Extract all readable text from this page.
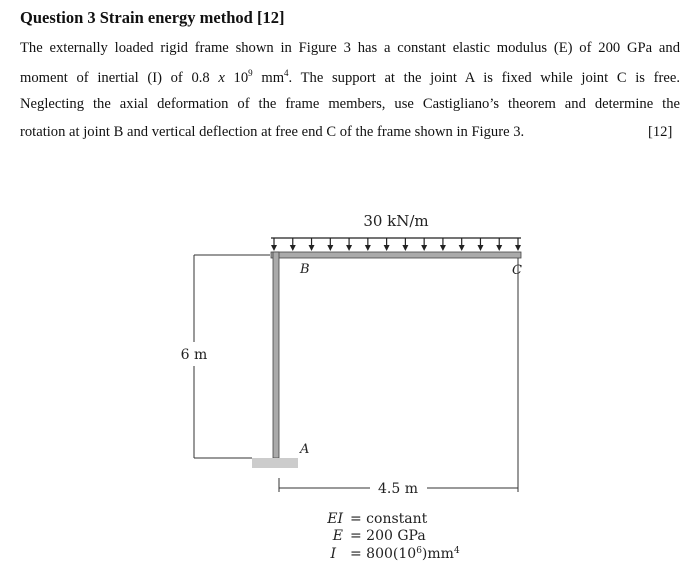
Question 3 Strain energy method [12]
The externally loaded rigid frame shown in Figure 3 has a constant elastic modulus (E) of 200 GPa and
moment of inertial (I) of 0.8 x $10^9$ $mm^4$. The support at the joint A is fixed while joint C is free.
Neglecting the axial deformation of the frame members, use Castigliano’s theorem and determine the
rotation at joint B and vertical deflection at free end C of the frame shown in Figure 3.	[12]
30 kN/m
B	C
A
6 m
4.5 m
EI = constant
E = 200 GPa
$I = 800(10^6)mm^4$
